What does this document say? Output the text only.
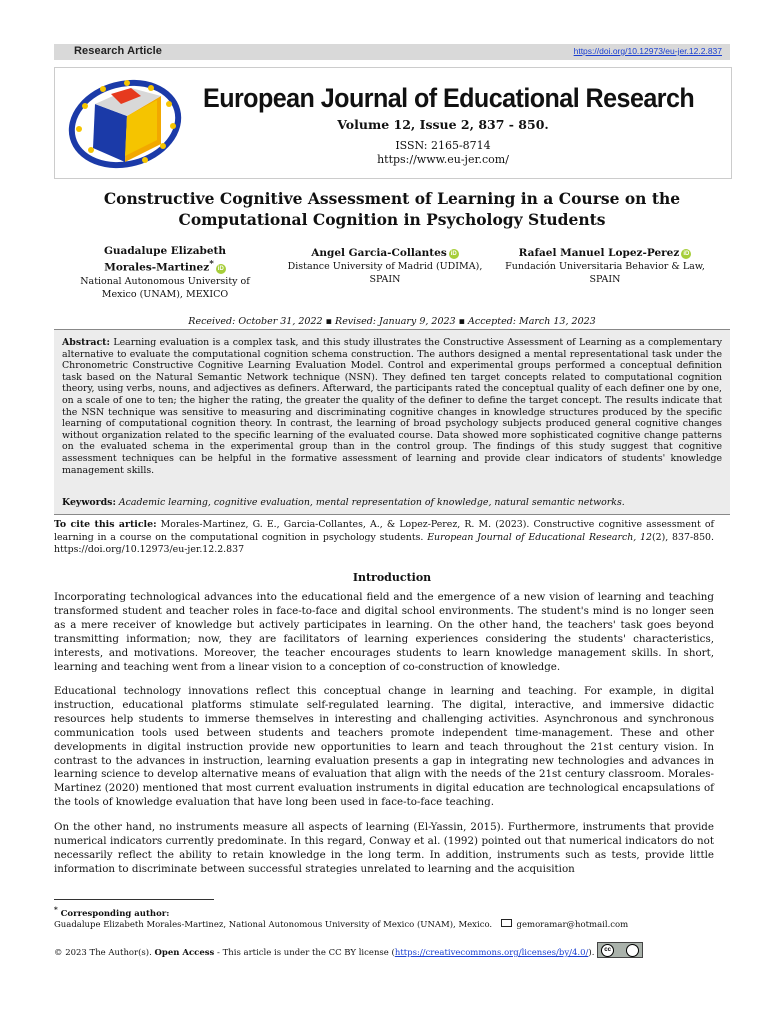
Research Article	https://doi.org/10.12973/eu-jer.12.2.837
European Journal of Educational Research
Volume 12, Issue 2, 837 - 850.
ISSN: 2165-8714
https://www.eu-jer.com/
Constructive Cognitive Assessment of Learning in a Course on the
Computational Cognition in Psychology Students
Guadalupe Elizabeth
Morales-Martinez* iD
National Autonomous University of
Mexico (UNAM), MEXICO
Angel Garcia-Collantes iD
Distance University of Madrid (UDIMA),
SPAIN
Rafael Manuel Lopez-Perez iD
Fundación Universitaria Behavior & Law,
SPAIN
Received: October 31, 2022 ▪ Revised: January 9, 2023 ▪ Accepted: March 13, 2023
Abstract: Learning evaluation is a complex task, and this study illustrates the Constructive Assessment of Learning as a complementary alternative to evaluate the computational cognition schema construction. The authors designed a mental representational task under the Chronometric Constructive Cognitive Learning Evaluation Model. Control and experimental groups performed a conceptual definition task based on the Natural Semantic Network technique (NSN). They defined ten target concepts related to computational cognition theory, using verbs, nouns, and adjectives as definers. Afterward, the participants rated the conceptual quality of each definer one by one, on a scale of one to ten; the higher the rating, the greater the quality of the definer to define the target concept. The results indicate that the NSN technique was sensitive to measuring and discriminating cognitive changes in knowledge structures produced by the specific learning of computational cognition theory. In contrast, the learning of broad psychology subjects produced general cognitive changes without organization related to the specific learning of the evaluated course. Data showed more sophisticated cognitive change patterns on the evaluated schema in the experimental group than in the control group. The findings of this study suggest that cognitive assessment techniques can be helpful in the formative assessment of learning and provide clear indicators of students' knowledge management skills.
Keywords: Academic learning, cognitive evaluation, mental representation of knowledge, natural semantic networks.
To cite this article: Morales-Martinez, G. E., Garcia-Collantes, A., & Lopez-Perez, R. M. (2023). Constructive cognitive assessment of learning in a course on the computational cognition in psychology students. European Journal of Educational Research, 12(2), 837-850. https://doi.org/10.12973/eu-jer.12.2.837
Introduction
Incorporating technological advances into the educational field and the emergence of a new vision of learning and teaching transformed student and teacher roles in face-to-face and digital school environments. The student's mind is no longer seen as a mere receiver of knowledge but actively participates in learning. On the other hand, the teachers' task goes beyond transmitting information; now, they are facilitators of learning experiences considering the students' characteristics, interests, and motivations. Moreover, the teacher encourages students to learn knowledge management skills. In short, learning and teaching went from a linear vision to a conception of co-construction of knowledge.
Educational technology innovations reflect this conceptual change in learning and teaching. For example, in digital instruction, educational platforms stimulate self-regulated learning. The digital, interactive, and immersive didactic resources help students to immerse themselves in interesting and challenging activities. Asynchronous and synchronous communication tools used between students and teachers promote independent time-management. These and other developments in digital instruction provide new opportunities to learn and teach throughout the 21st century vision. In contrast to the advances in instruction, learning evaluation presents a gap in integrating new technologies and advances in learning science to develop alternative means of evaluation that align with the needs of the 21st century classroom. Morales-Martinez (2020) mentioned that most current evaluation instruments in digital education are technological encapsulations of the tools of knowledge evaluation that have long been used in face-to-face teaching.
On the other hand, no instruments measure all aspects of learning (El-Yassin, 2015). Furthermore, instruments that provide numerical indicators currently predominate. In this regard, Conway et al. (1992) pointed out that numerical indicators do not necessarily reflect the ability to retain knowledge in the long term. In addition, instruments such as tests, provide little information to discriminate between successful strategies unrelated to learning and the acquisition
* Corresponding author:
Guadalupe Elizabeth Morales-Martinez, National Autonomous University of Mexico (UNAM), Mexico.	gemoramar@hotmail.com
© 2023 The Author(s). Open Access - This article is under the CC BY license (https://creativecommons.org/licenses/by/4.0/).	cc
